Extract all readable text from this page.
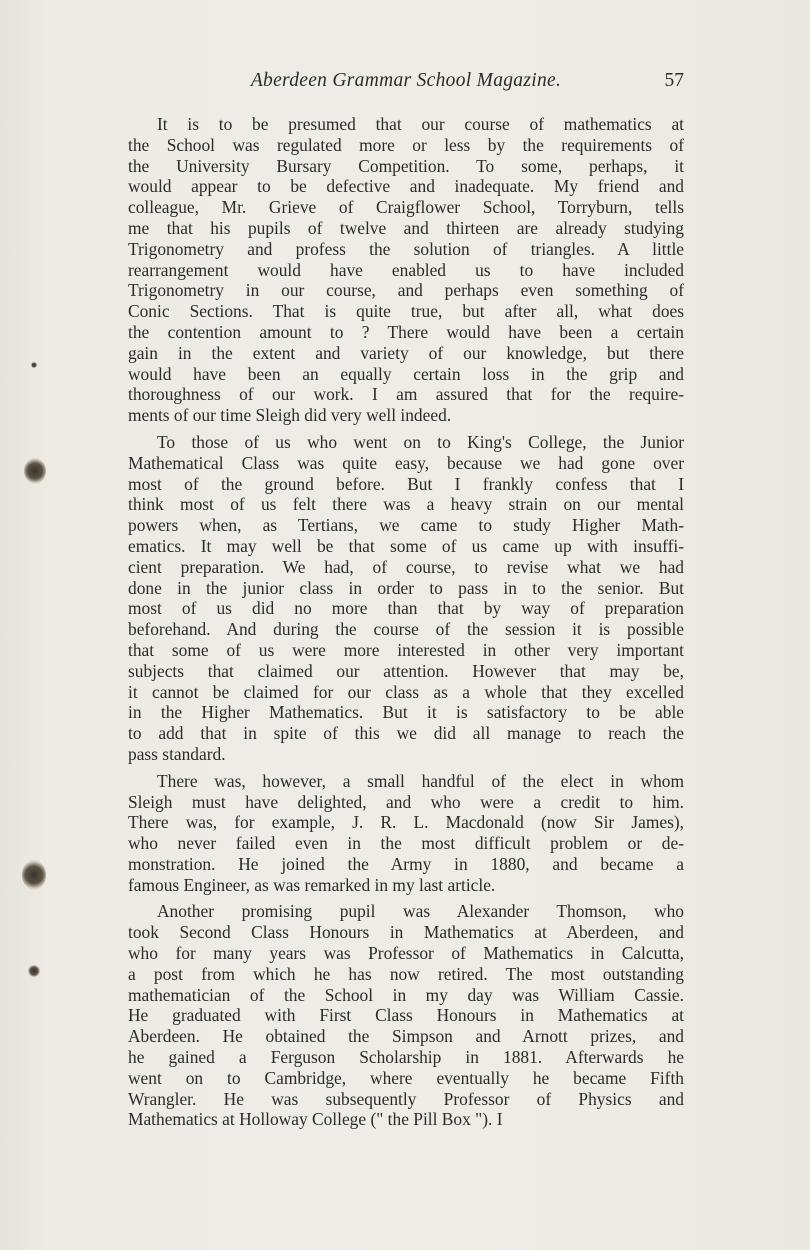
Aberdeen Grammar School Magazine.	57
It is to be presumed that our course of mathematics at
the School was regulated more or less by the requirements of
the University Bursary Competition. To some, perhaps, it
would appear to be defective and inadequate. My friend and
colleague, Mr. Grieve of Craigflower School, Torryburn, tells
me that his pupils of twelve and thirteen are already studying
Trigonometry and profess the solution of triangles. A little
rearrangement would have enabled us to have included
Trigonometry in our course, and perhaps even something of
Conic Sections. That is quite true, but after all, what does
the contention amount to ? There would have been a certain
gain in the extent and variety of our knowledge, but there
would have been an equally certain loss in the grip and
thoroughness of our work. I am assured that for the require-
ments of our time Sleigh did very well indeed.
To those of us who went on to King's College, the Junior
Mathematical Class was quite easy, because we had gone over
most of the ground before. But I frankly confess that I
think most of us felt there was a heavy strain on our mental
powers when, as Tertians, we came to study Higher Math-
ematics. It may well be that some of us came up with insuffi-
cient preparation. We had, of course, to revise what we had
done in the junior class in order to pass in to the senior. But
most of us did no more than that by way of preparation
beforehand. And during the course of the session it is possible
that some of us were more interested in other very important
subjects that claimed our attention. However that may be,
it cannot be claimed for our class as a whole that they excelled
in the Higher Mathematics. But it is satisfactory to be able
to add that in spite of this we did all manage to reach the
pass standard.
There was, however, a small handful of the elect in whom
Sleigh must have delighted, and who were a credit to him.
There was, for example, J. R. L. Macdonald (now Sir James),
who never failed even in the most difficult problem or de-
monstration. He joined the Army in 1880, and became a
famous Engineer, as was remarked in my last article.
Another promising pupil was Alexander Thomson, who
took Second Class Honours in Mathematics at Aberdeen, and
who for many years was Professor of Mathematics in Calcutta,
a post from which he has now retired. The most outstanding
mathematician of the School in my day was William Cassie.
He graduated with First Class Honours in Mathematics at
Aberdeen. He obtained the Simpson and Arnott prizes, and
he gained a Ferguson Scholarship in 1881. Afterwards he
went on to Cambridge, where eventually he became Fifth
Wrangler. He was subsequently Professor of Physics and
Mathematics at Holloway College (" the Pill Box "). I
